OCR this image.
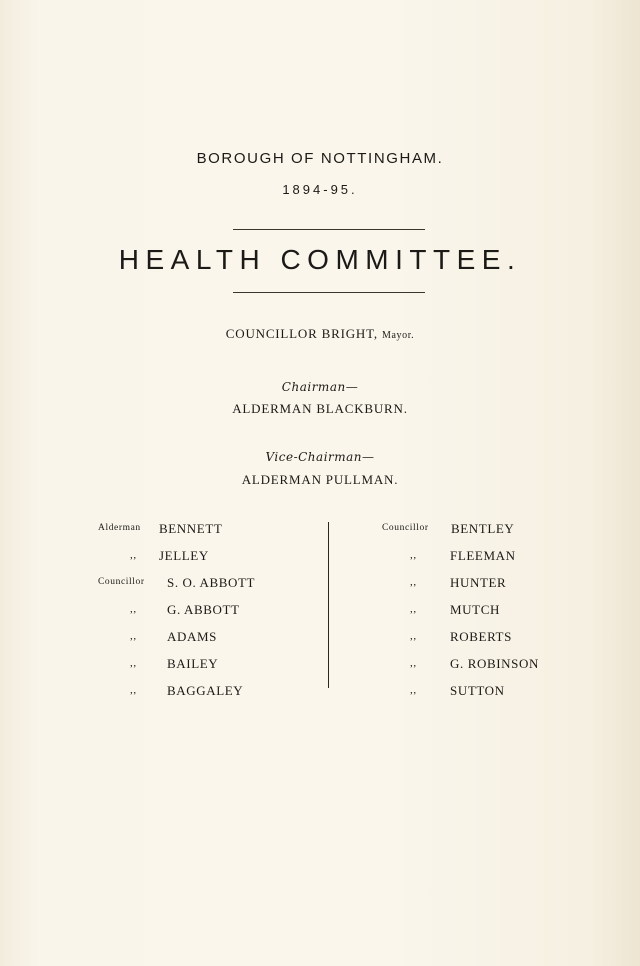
BOROUGH OF NOTTINGHAM.
1894-95.
HEALTH COMMITTEE.
COUNCILLOR BRIGHT, Mayor.
Chairman—
ALDERMAN BLACKBURN.
Vice-Chairman—
ALDERMAN PULLMAN.
Alderman BENNETT
,, JELLEY
Councillor S. O. ABBOTT
,, G. ABBOTT
,, ADAMS
,, BAILEY
,, BAGGALEY
Councillor BENTLEY
,,	FLEEMAN
,,	HUNTER
,,	MUTCH
,,	ROBERTS
,,	G. ROBINSON
,,	SUTTON
